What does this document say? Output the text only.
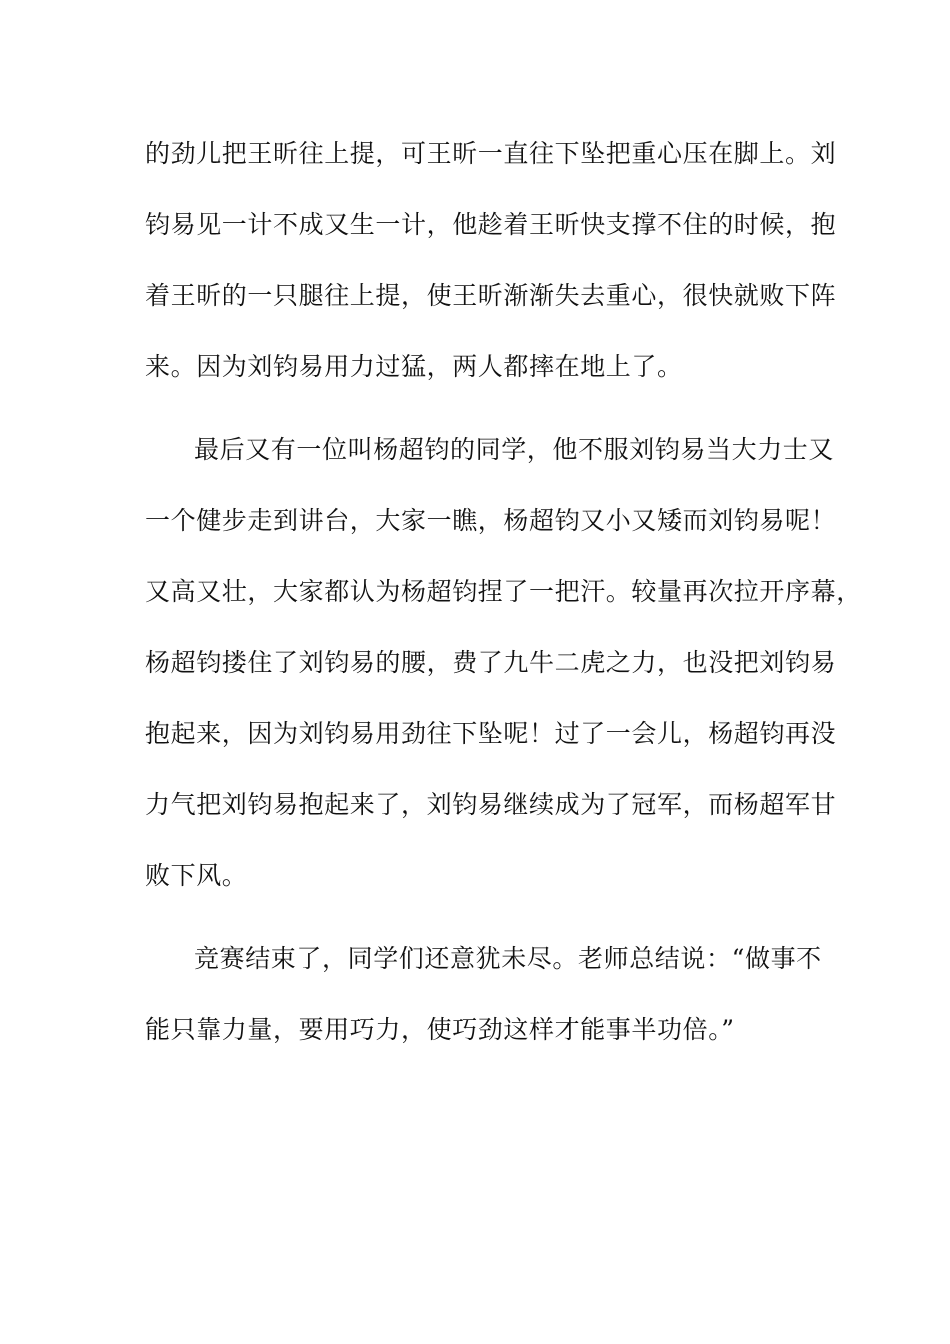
的劲儿把王昕往上提，可王昕一直往下坠把重心压在脚上。刘
钧易见一计不成又生一计，他趁着王昕快支撑不住的时候，抱
着王昕的一只腿往上提，使王昕渐渐失去重心，很快就败下阵
来。因为刘钧易用力过猛，两人都摔在地上了。
最后又有一位叫杨超钧的同学，他不服刘钧易当大力士又
一个健步走到讲台，大家一瞧，杨超钧又小又矮而刘钧易呢！
又高又壮，大家都认为杨超钧捏了一把汗。较量再次拉开序幕，
杨超钧搂住了刘钧易的腰，费了九牛二虎之力，也没把刘钧易
抱起来，因为刘钧易用劲往下坠呢！过了一会儿，杨超钧再没
力气把刘钧易抱起来了，刘钧易继续成为了冠军，而杨超军甘
败下风。
竞赛结束了，同学们还意犹未尽。老师总结说：“做事不
能只靠力量，要用巧力，使巧劲这样才能事半功倍。”
